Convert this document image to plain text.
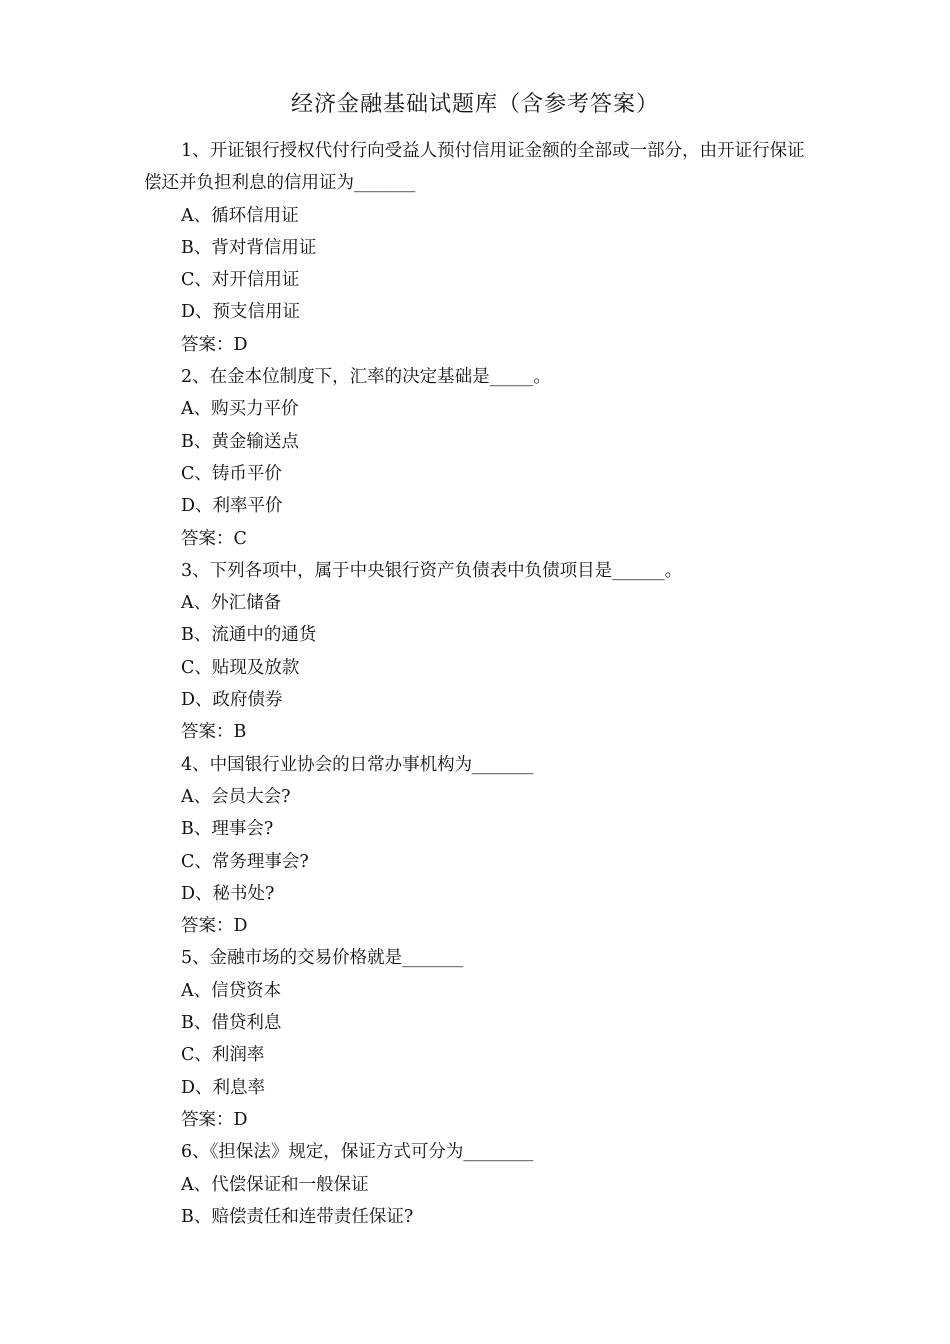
经济金融基础试题库（含参考答案）

1、开证银行授权代付行向受益人预付信用证金额的全部或一部分，由开证行保证偿还并负担利息的信用证为_______

A、循环信用证

B、背对背信用证

C、对开信用证

D、预支信用证

答案：D

2、在金本位制度下，汇率的决定基础是_____。

A、购买力平价

B、黄金输送点

C、铸币平价

D、利率平价

答案：C

3、下列各项中，属于中央银行资产负债表中负债项目是______。

A、外汇储备

B、流通中的通货

C、贴现及放款

D、政府债券

答案：B

4、中国银行业协会的日常办事机构为_______

A、会员大会?

B、理事会?

C、常务理事会?

D、秘书处?

答案：D

5、金融市场的交易价格就是_______

A、信贷资本

B、借贷利息

C、利润率

D、利息率

答案：D

6、《担保法》规定，保证方式可分为________

A、代偿保证和一般保证

B、赔偿责任和连带责任保证?
